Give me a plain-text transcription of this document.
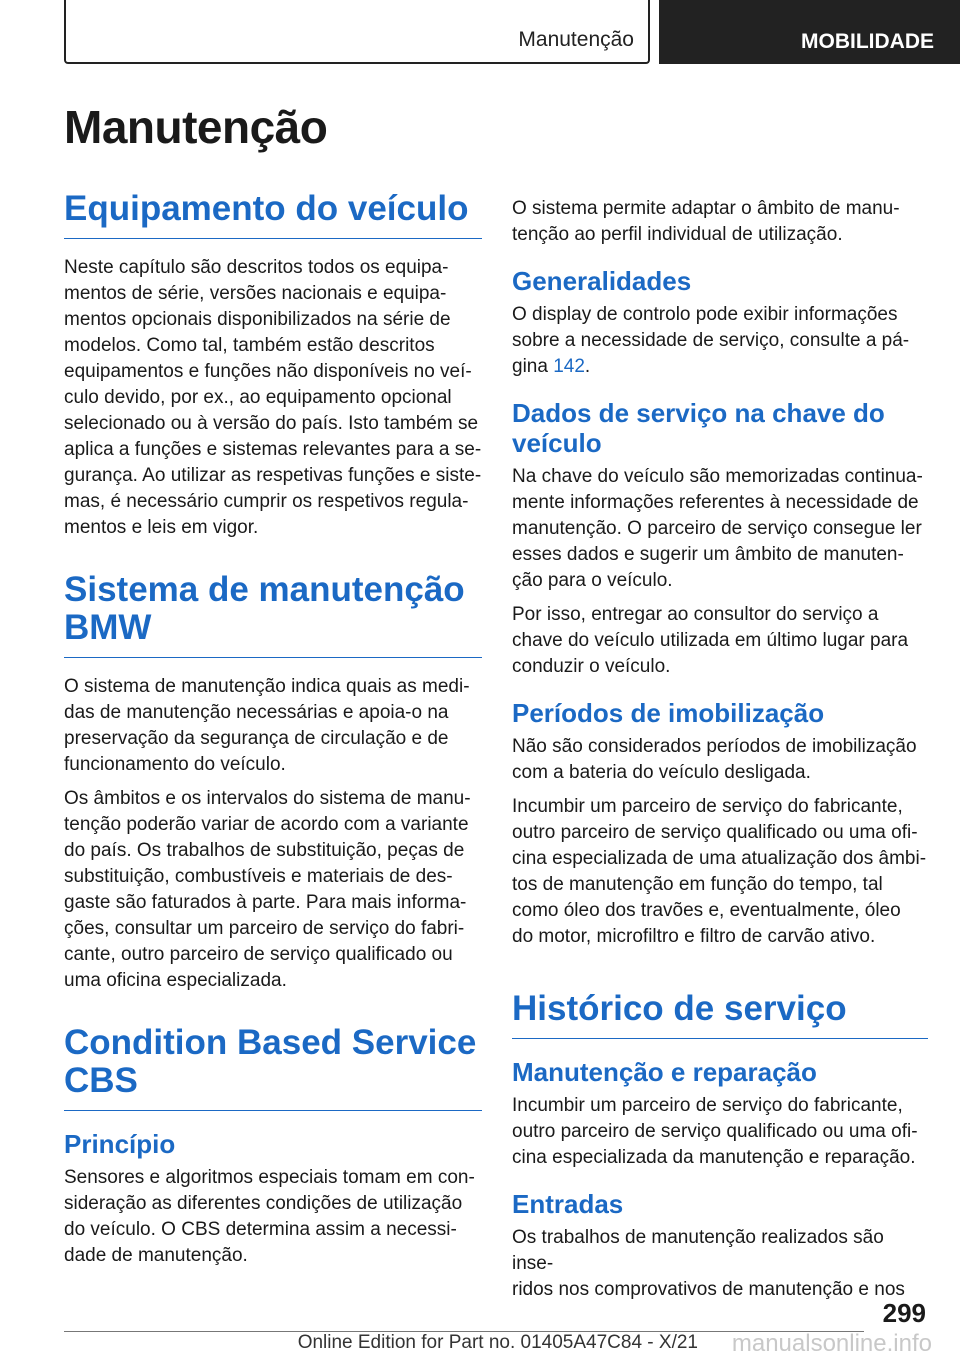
Manutenção	MOBILIDADE
Manutenção
Equipamento do veículo

Neste capítulo são descritos todos os equipa-
mentos de série, versões nacionais e equipa-
mentos opcionais disponibilizados na série de
modelos. Como tal, também estão descritos
equipamentos e funções não disponíveis no veí-
culo devido, por ex., ao equipamento opcional
selecionado ou à versão do país. Isto também se
aplica a funções e sistemas relevantes para a se-
gurança. Ao utilizar as respetivas funções e siste-
mas, é necessário cumprir os respetivos regula-
mentos e leis em vigor.

Sistema de manutenção
BMW

O sistema de manutenção indica quais as medi-
das de manutenção necessárias e apoia-o na
preservação da segurança de circulação e de
funcionamento do veículo.

Os âmbitos e os intervalos do sistema de manu-
tenção poderão variar de acordo com a variante
do país. Os trabalhos de substituição, peças de
substituição, combustíveis e materiais de des-
gaste são faturados à parte. Para mais informa-
ções, consultar um parceiro de serviço do fabri-
cante, outro parceiro de serviço qualificado ou
uma oficina especializada.

Condition Based Service
CBS
Princípio

Sensores e algoritmos especiais tomam em con-
sideração as diferentes condições de utilização
do veículo. O CBS determina assim a necessi-
dade de manutenção.

O sistema permite adaptar o âmbito de manu-
tenção ao perfil individual de utilização.

Generalidades

O display de controlo pode exibir informações
sobre a necessidade de serviço, consulte a pá-
gina 142.

Dados de serviço na chave do
veículo

Na chave do veículo são memorizadas continua-
mente informações referentes à necessidade de
manutenção. O parceiro de serviço consegue ler
esses dados e sugerir um âmbito de manuten-
ção para o veículo.

Por isso, entregar ao consultor do serviço a
chave do veículo utilizada em último lugar para
conduzir o veículo.

Períodos de imobilização

Não são considerados períodos de imobilização
com a bateria do veículo desligada.

Incumbir um parceiro de serviço do fabricante,
outro parceiro de serviço qualificado ou uma ofi-
cina especializada de uma atualização dos âmbi-
tos de manutenção em função do tempo, tal
como óleo dos travões e, eventualmente, óleo
do motor, microfiltro e filtro de carvão ativo.

Histórico de serviço
Manutenção e reparação

Incumbir um parceiro de serviço do fabricante,
outro parceiro de serviço qualificado ou uma ofi-
cina especializada da manutenção e reparação.

Entradas

Os trabalhos de manutenção realizados são inse-
ridos nos comprovativos de manutenção e nos

299
Online Edition for Part no. 01405A47C84 - X/21 manualsonline.info
